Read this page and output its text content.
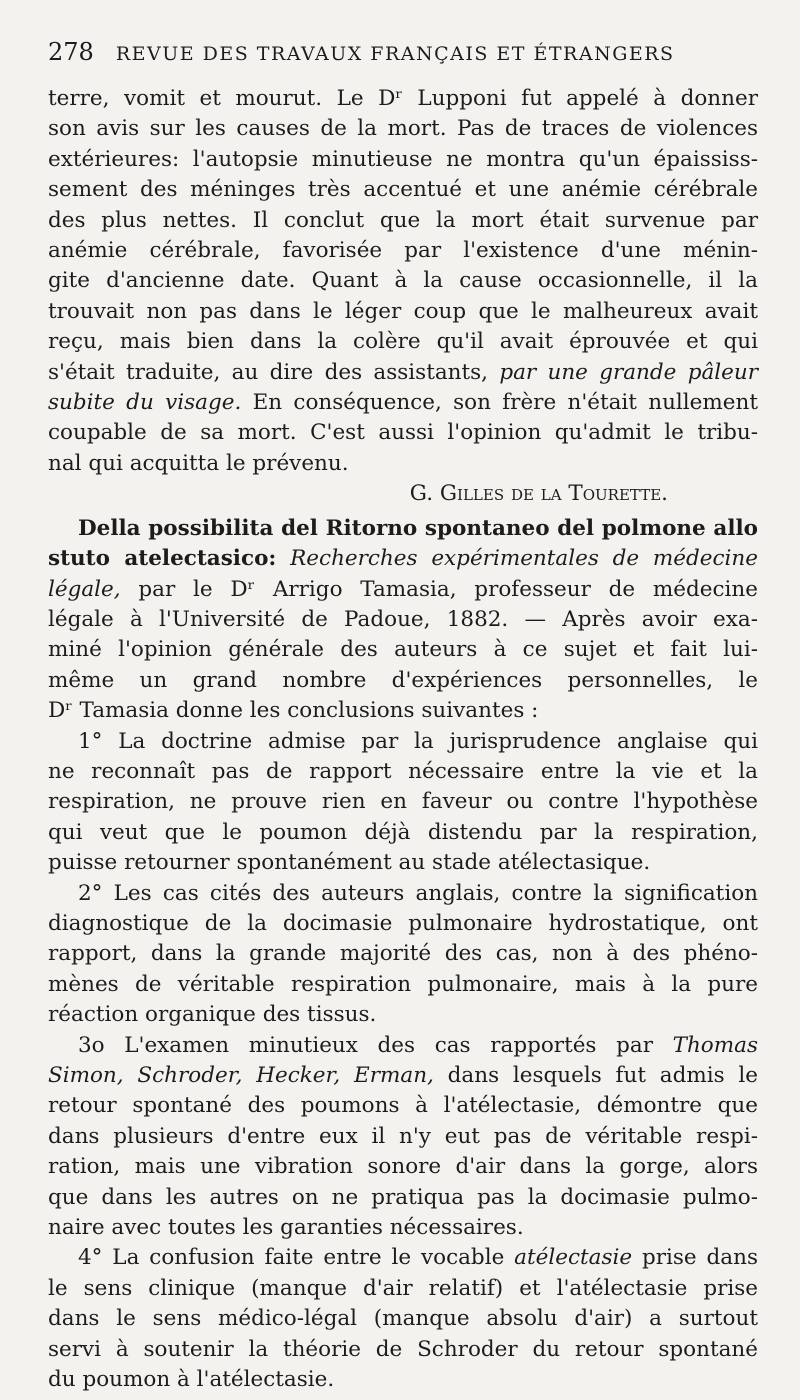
278 REVUE DES TRAVAUX FRANÇAIS ET ÉTRANGERS
terre, vomit et mourut. Le Dʳ Lupponi fut appelé à donner
son avis sur les causes de la mort. Pas de traces de violences
extérieures: l'autopsie minutieuse ne montra qu'un épaississ-
sement des méninges très accentué et une anémie cérébrale
des plus nettes. Il conclut que la mort était survenue par
anémie cérébrale, favorisée par l'existence d'une ménin-
gite d'ancienne date. Quant à la cause occasionnelle, il la
trouvait non pas dans le léger coup que le malheureux avait
reçu, mais bien dans la colère qu'il avait éprouvée et qui
s'était traduite, au dire des assistants, par une grande pâleur
subite du visage. En conséquence, son frère n'était nullement
coupable de sa mort. C'est aussi l'opinion qu'admit le tribu-
nal qui acquitta le prévenu.
G. Gilles de la Tourette.
Della possibilita del Ritorno spontaneo del polmone allo
stuto atelectasico: Recherches expérimentales de médecine
légale, par le Dʳ Arrigo Tamasia, professeur de médecine
légale à l'Université de Padoue, 1882. — Après avoir exa-
miné l'opinion générale des auteurs à ce sujet et fait lui-
même un grand nombre d'expériences personnelles, le
Dʳ Tamasia donne les conclusions suivantes :
1° La doctrine admise par la jurisprudence anglaise qui
ne reconnaît pas de rapport nécessaire entre la vie et la
respiration, ne prouve rien en faveur ou contre l'hypothèse
qui veut que le poumon déjà distendu par la respiration,
puisse retourner spontanément au stade atélectasique.
2° Les cas cités des auteurs anglais, contre la signification
diagnostique de la docimasie pulmonaire hydrostatique, ont
rapport, dans la grande majorité des cas, non à des phéno-
mènes de véritable respiration pulmonaire, mais à la pure
réaction organique des tissus.
3o L'examen minutieux des cas rapportés par Thomas
Simon, Schroder, Hecker, Erman, dans lesquels fut admis le
retour spontané des poumons à l'atélectasie, démontre que
dans plusieurs d'entre eux il n'y eut pas de véritable respi-
ration, mais une vibration sonore d'air dans la gorge, alors
que dans les autres on ne pratiqua pas la docimasie pulmo-
naire avec toutes les garanties nécessaires.
4° La confusion faite entre le vocable atélectasie prise dans
le sens clinique (manque d'air relatif) et l'atélectasie prise
dans le sens médico-légal (manque absolu d'air) a surtout
servi à soutenir la théorie de Schroder du retour spontané
du poumon à l'atélectasie.
